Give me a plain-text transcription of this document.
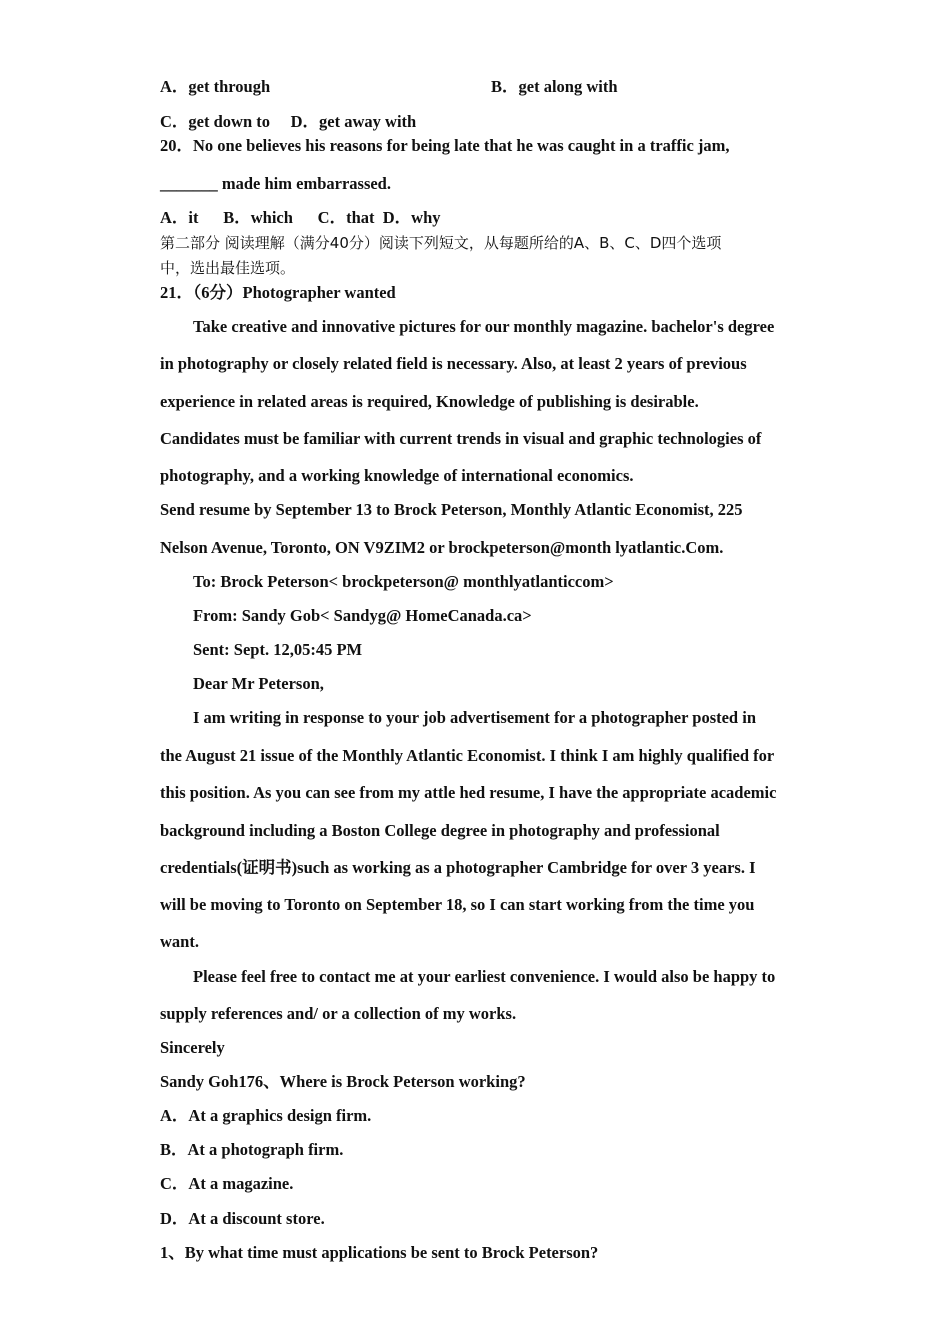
A．get through	B．get along with
C．get down to     D．get away with
20．No one believes his reasons for being late that he was caught in a traffic jam,
_______ made him embarrassed.
A．it      B．which      C．that  D．why
第二部分 阅读理解（满分40分）阅读下列短文，从每题所给的A、B、C、D四个选项
中，选出最佳选项。
21．（6分）Photographer wanted
Take creative and innovative pictures for our monthly magazine. bachelor's degree
in photography or closely related field is necessary. Also, at least 2 years of previous
experience in related areas is required, Knowledge of publishing is desirable.
Candidates must be familiar with current trends in visual and graphic technologies of
photography, and a working knowledge of international economics.
Send resume by September 13 to Brock Peterson, Monthly Atlantic Economist, 225
Nelson Avenue, Toronto, ON V9ZIM2 or brockpeterson@month lyatlantic.Com.
To: Brock Peterson< brockpeterson@ monthlyatlanticcom>
From: Sandy Gob< Sandyg@ HomeCanada.ca>
Sent: Sept. 12,05:45 PM
Dear Mr Peterson,
I am writing in response to your job advertisement for a photographer posted in
the August 21 issue of the Monthly Atlantic Economist. I think I am highly qualified for
this position. As you can see from my attle hed resume, I have the appropriate academic
background including a Boston College degree in photography and professional
credentials(证明书)such as working as a photographer Cambridge for over 3 years. I
will be moving to Toronto on September 18, so I can start working from the time you
want.
Please feel free to contact me at your earliest convenience. I would also be happy to
supply references and/ or a collection of my works.
Sincerely
Sandy Goh176、Where is Brock Peterson working?
A．At a graphics design firm.
B．At a photograph firm.
C．At a magazine.
D．At a discount store.
1、By what time must applications be sent to Brock Peterson?
